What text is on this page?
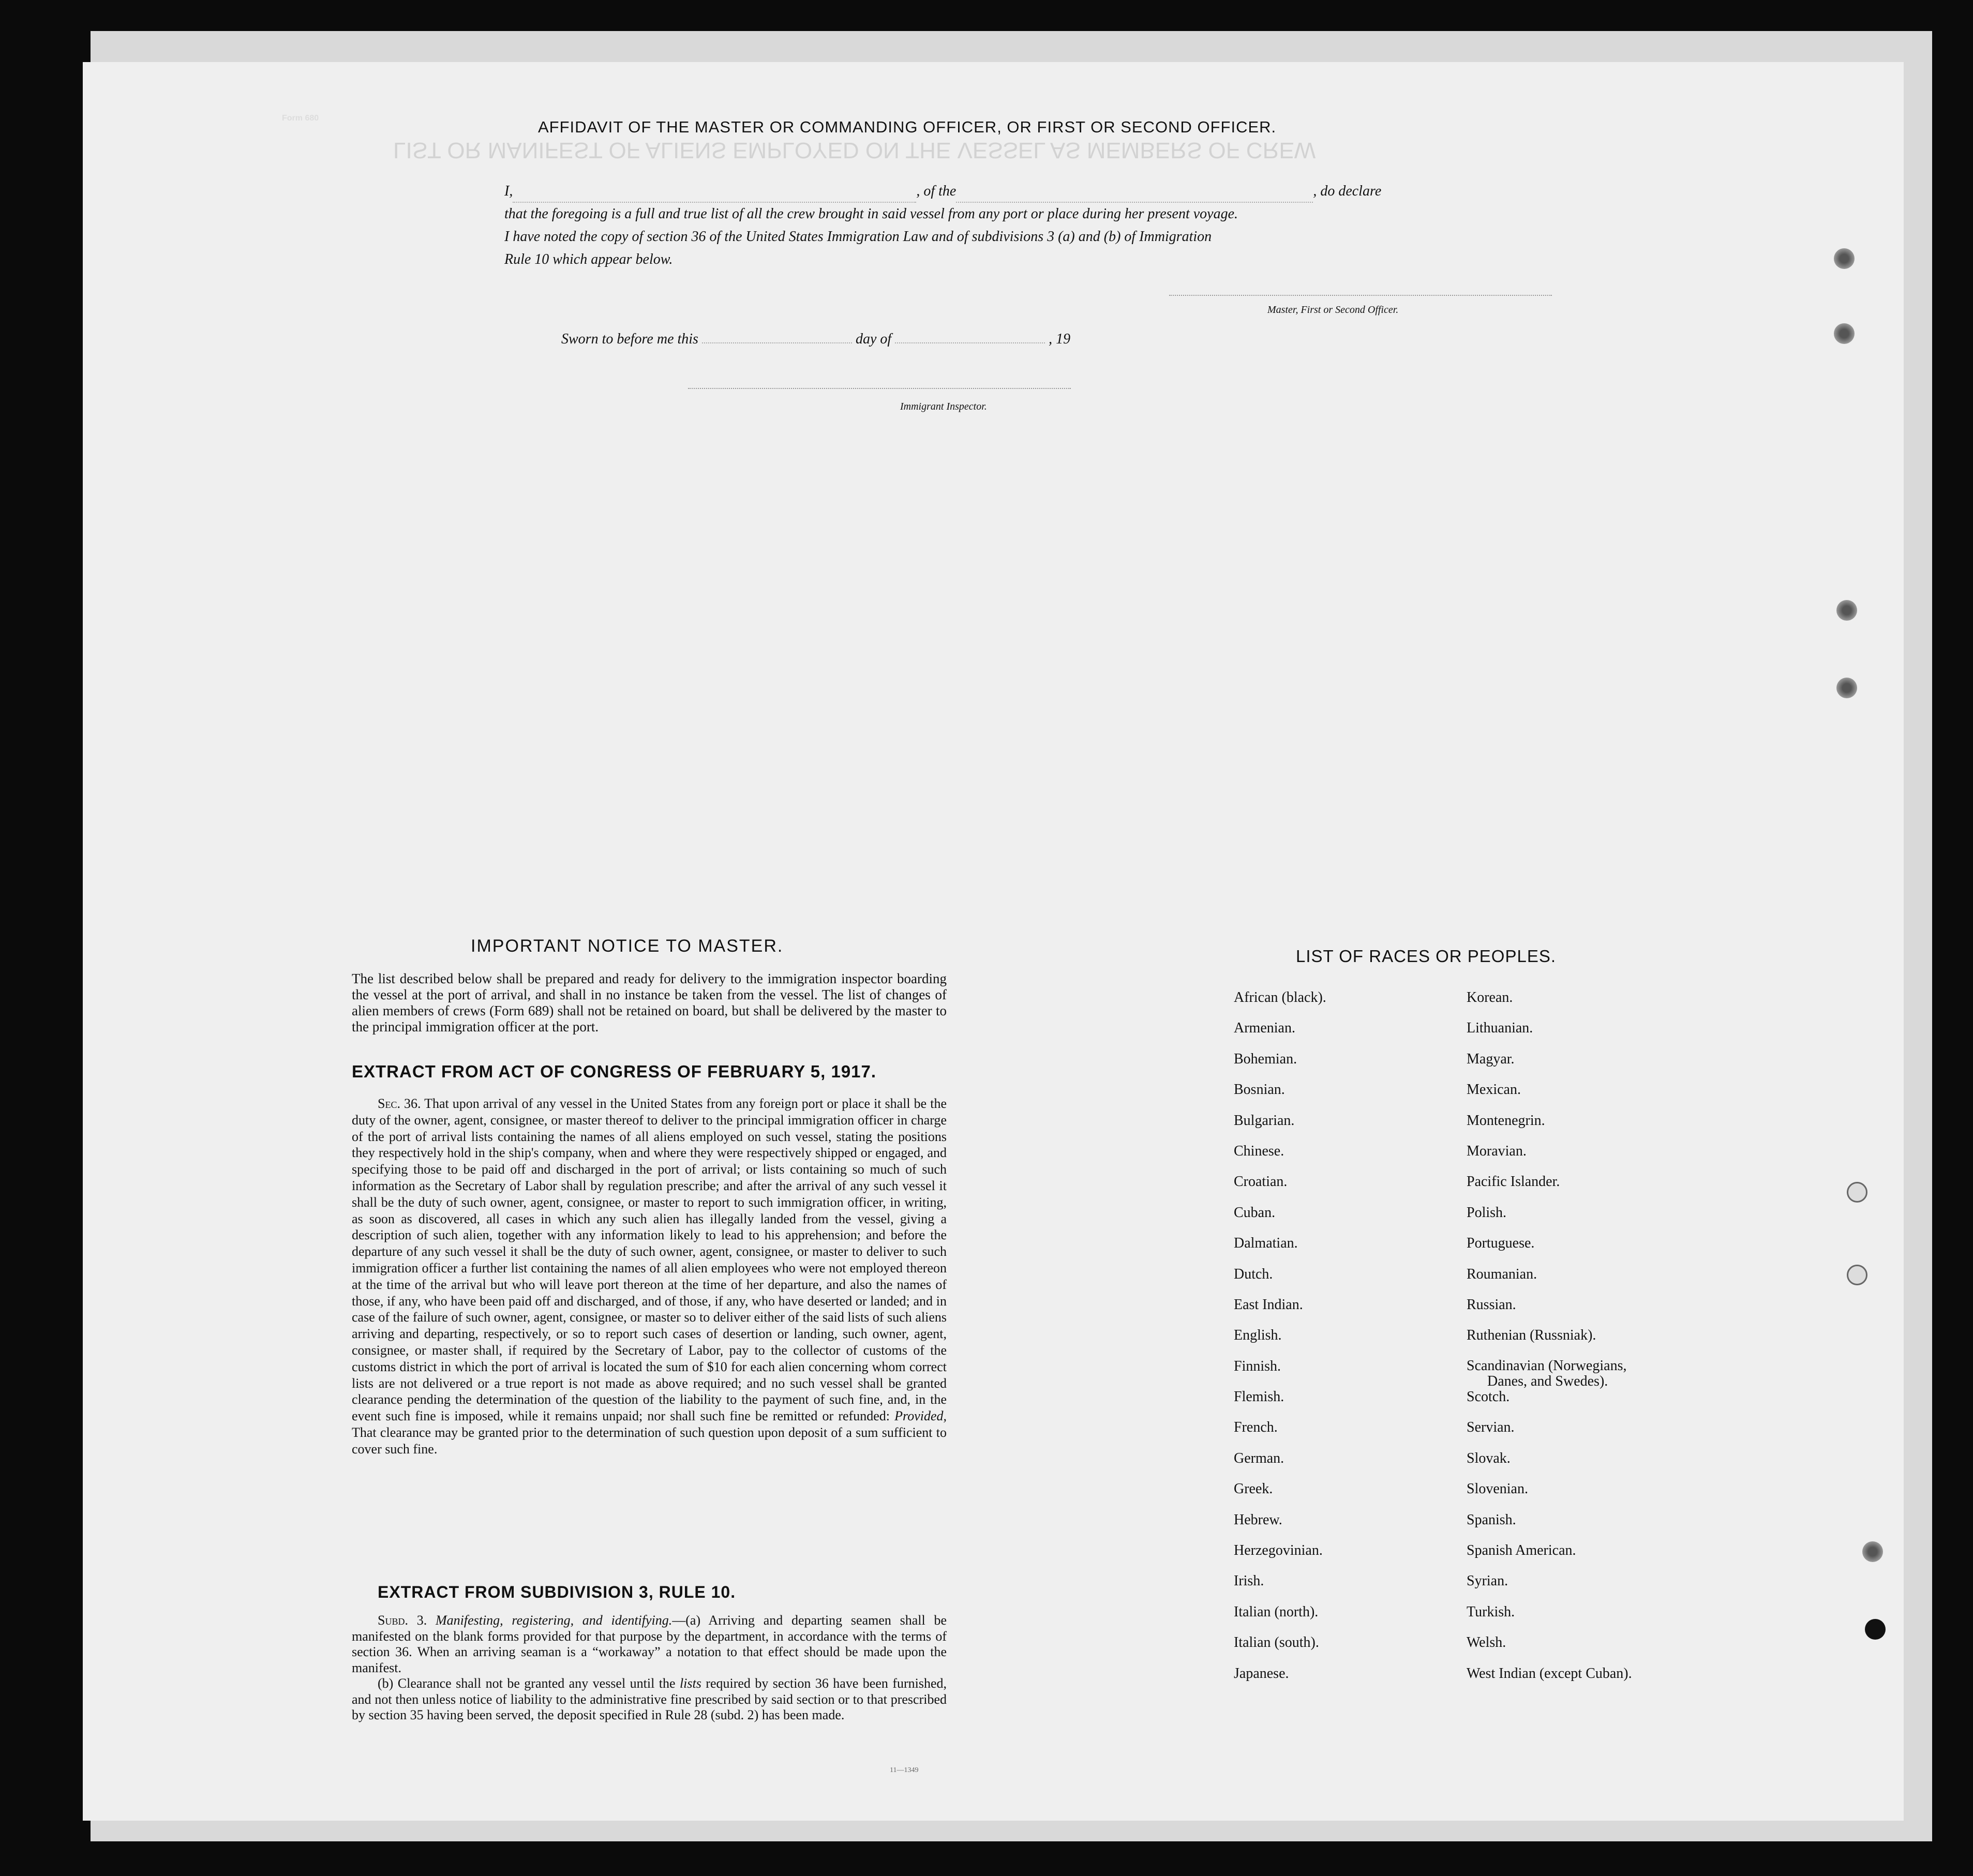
Form 680
LIST OR MANIFEST OF ALIENS EMPLOYED ON THE VESSEL AS MEMBERS OF CREW
AFFIDAVIT OF THE MASTER OR COMMANDING OFFICER, OR FIRST OR SECOND OFFICER.
I,	, of the	, do declare
that the foregoing is a full and true list of all the crew brought in said vessel from any port or place during her present voyage.
I have noted the copy of section 36 of the United States Immigration Law and of subdivisions 3 (a) and (b) of Immigration
Rule 10 which appear below.
Master, First or Second Officer.
Sworn to before me this	day of	, 19
Immigrant Inspector.
IMPORTANT NOTICE TO MASTER.
The list described below shall be prepared and ready for delivery to the immigration inspector boarding the vessel at the port of arrival, and shall in no instance be taken from the vessel. The list of changes of alien members of crews (Form 689) shall not be retained on board, but shall be delivered by the master to the principal immigration officer at the port.
EXTRACT FROM ACT OF CONGRESS OF FEBRUARY 5, 1917.
Sec. 36. That upon arrival of any vessel in the United States from any foreign port or place it shall be the duty of the owner, agent, consignee, or master thereof to deliver to the principal immigration officer in charge of the port of arrival lists containing the names of all aliens employed on such vessel, stating the positions they respectively hold in the ship's company, when and where they were respectively shipped or engaged, and specifying those to be paid off and discharged in the port of arrival; or lists containing so much of such information as the Secretary of Labor shall by regulation prescribe; and after the arrival of any such vessel it shall be the duty of such owner, agent, consignee, or master to report to such immigration officer, in writing, as soon as discovered, all cases in which any such alien has illegally landed from the vessel, giving a description of such alien, together with any information likely to lead to his apprehension; and before the departure of any such vessel it shall be the duty of such owner, agent, consignee, or master to deliver to such immigration officer a further list containing the names of all alien employees who were not employed thereon at the time of the arrival but who will leave port thereon at the time of her departure, and also the names of those, if any, who have been paid off and discharged, and of those, if any, who have deserted or landed; and in case of the failure of such owner, agent, consignee, or master so to deliver either of the said lists of such aliens arriving and departing, respectively, or so to report such cases of desertion or landing, such owner, agent, consignee, or master shall, if required by the Secretary of Labor, pay to the collector of customs of the customs district in which the port of arrival is located the sum of $10 for each alien concerning whom correct lists are not delivered or a true report is not made as above required; and no such vessel shall be granted clearance pending the determination of the question of the liability to the payment of such fine, and, in the event such fine is imposed, while it remains unpaid; nor shall such fine be remitted or refunded: Provided, That clearance may be granted prior to the determination of such question upon deposit of a sum sufficient to cover such fine.
EXTRACT FROM SUBDIVISION 3, RULE 10.
Subd. 3. Manifesting, registering, and identifying.—(a) Arriving and departing seamen shall be manifested on the blank forms provided for that purpose by the department, in accordance with the terms of section 36. When an arriving seaman is a “workaway” a notation to that effect should be made upon the manifest.
(b) Clearance shall not be granted any vessel until the lists required by section 36 have been furnished, and not then unless notice of liability to the administrative fine prescribed by said section or to that prescribed by section 35 having been served, the deposit specified in Rule 28 (subd. 2) has been made.
LIST OF RACES OR PEOPLES.
African (black).
Armenian.
Bohemian.
Bosnian.
Bulgarian.
Chinese.
Croatian.
Cuban.
Dalmatian.
Dutch.
East Indian.
English.
Finnish.
Flemish.
French.
German.
Greek.
Hebrew.
Herzegovinian.
Irish.
Italian (north).
Italian (south).
Japanese.
Korean.
Lithuanian.
Magyar.
Mexican.
Montenegrin.
Moravian.
Pacific Islander.
Polish.
Portuguese.
Roumanian.
Russian.
Ruthenian (Russniak).
Scandinavian (Norwegians,
Danes, and Swedes).
Scotch.
Servian.
Slovak.
Slovenian.
Spanish.
Spanish American.
Syrian.
Turkish.
Welsh.
West Indian (except Cuban).
11—1349
